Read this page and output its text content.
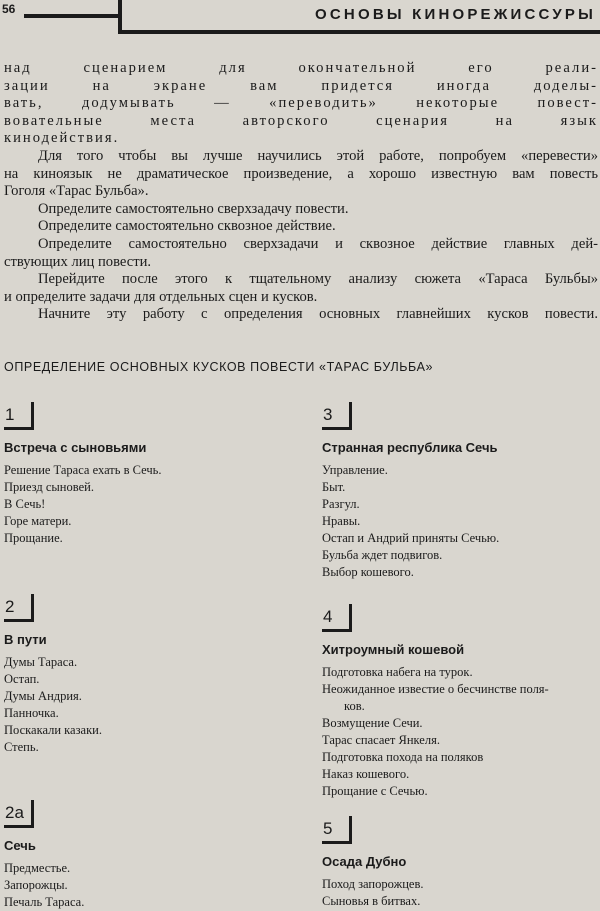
56	ОСНОВЫ КИНОРЕЖИССУРЫ

над сценарием для окончательной его реали-
зации на экране вам придется иногда доделы-
вать, додумывать — «переводить» некоторые повест-
вовательные места авторского сценария на язык
кинодействия.

Для того чтобы вы лучше научились этой работе, попробуем «перевести»
на киноязык не драматическое произведение, а хорошо известную вам повесть
Гоголя «Тарас Бульба».

Определите самостоятельно сверхзадачу повести.

Определите самостоятельно сквозное действие.

Определите самостоятельно сверхзадачи и сквозное действие главных дей-
ствующих лиц повести.

Перейдите после этого к тщательному анализу сюжета «Тараса Бульбы»
и определите задачи для отдельных сцен и кусков.

Начните эту работу с определения основных главнейших кусков повести.

ОПРЕДЕЛЕНИЕ ОСНОВНЫХ КУСКОВ ПОВЕСТИ «ТАРАС БУЛЬБА»
1
Встреча с сыновьями
Решение Тараса ехать в Сечь.
Приезд сыновей.
В Сечь!
Горе матери.
Прощание.
2
В пути
Думы Тараса.
Остап.
Думы Андрия.
Панночка.
Поскакали казаки.
Степь.
2а
Сечь
Предместье.
Запорожцы.
Печаль Тараса.
3
Странная республика Сечь
Управление.
Быт.
Разгул.
Нравы.
Остап и Андрий приняты Сечью.
Бульба ждет подвигов.
Выбор кошевого.
4
Хитроумный кошевой
Подготовка набега на турок.
Неожиданное известие о бесчинстве поля-
ков.
Возмущение Сечи.
Тарас спасает Янкеля.
Подготовка похода на поляков
Наказ кошевого.
Прощание с Сечью.
5
Осада Дубно
Поход запорожцев.
Сыновья в битвах.
